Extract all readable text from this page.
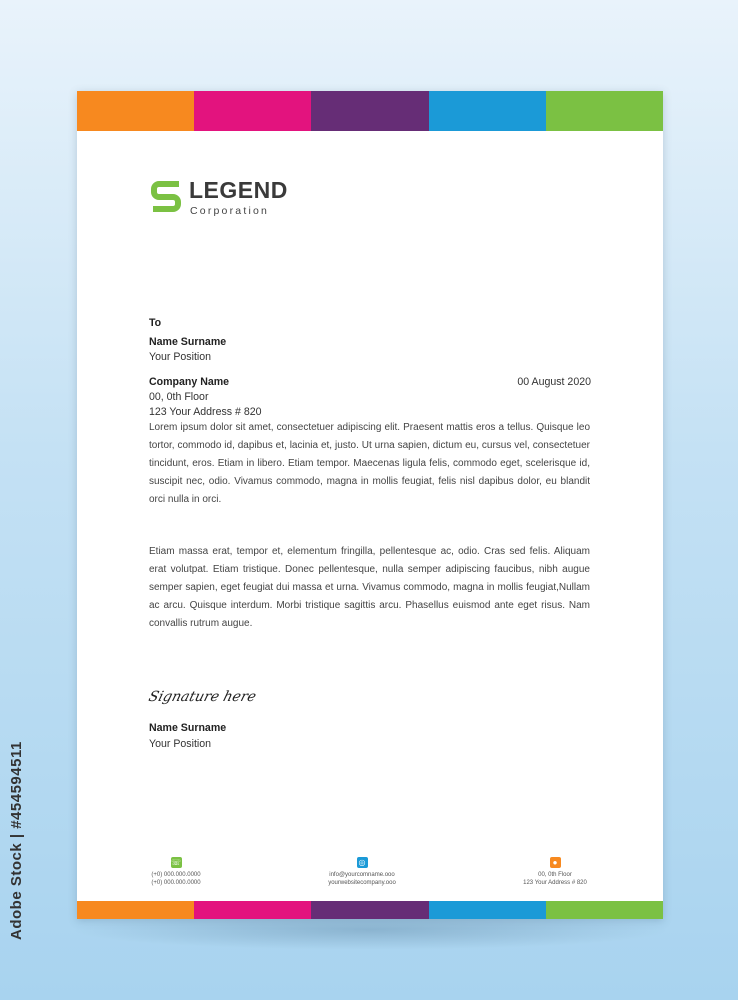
LEGEND
Corporation
To
Name Surname
Your Position
Company Name
00, 0th Floor
123 Your Address # 820
00 August 2020
Lorem ipsum dolor sit amet, consectetuer adipiscing elit. Praesent mattis eros a tellus. Quisque leo tortor, commodo id, dapibus et, lacinia et, justo. Ut urna sapien, dictum eu, cursus vel, consectetuer tincidunt, eros. Etiam in libero. Etiam tempor. Maecenas ligula felis, commodo eget, scelerisque id, suscipit nec, odio. Vivamus commodo, magna in mollis feugiat, felis nisl dapibus dolor, eu blandit orci nulla in orci.
Etiam massa erat, tempor et, elementum fringilla, pellentesque ac, odio. Cras sed felis. Aliquam erat volutpat. Etiam tristique. Donec pellentesque, nulla semper adipiscing faucibus, nibh augue semper sapien, eget feugiat dui massa et urna. Vivamus commodo, magna in mollis feugiat,Nullam ac arcu. Quisque interdum. Morbi tristique sagittis arcu. Phasellus euismod ante eget risus. Nam convallis rutrum augue.
Signature here
Name Surname
Your Position
☏
(+0) 000.000.0000
(+0) 000.000.0000
◎
info@yourcomname.ooo
yourwebsitecompany.ooo
●
00, 0th Floor
123 Your Address # 820
Adobe Stock | #454594511
